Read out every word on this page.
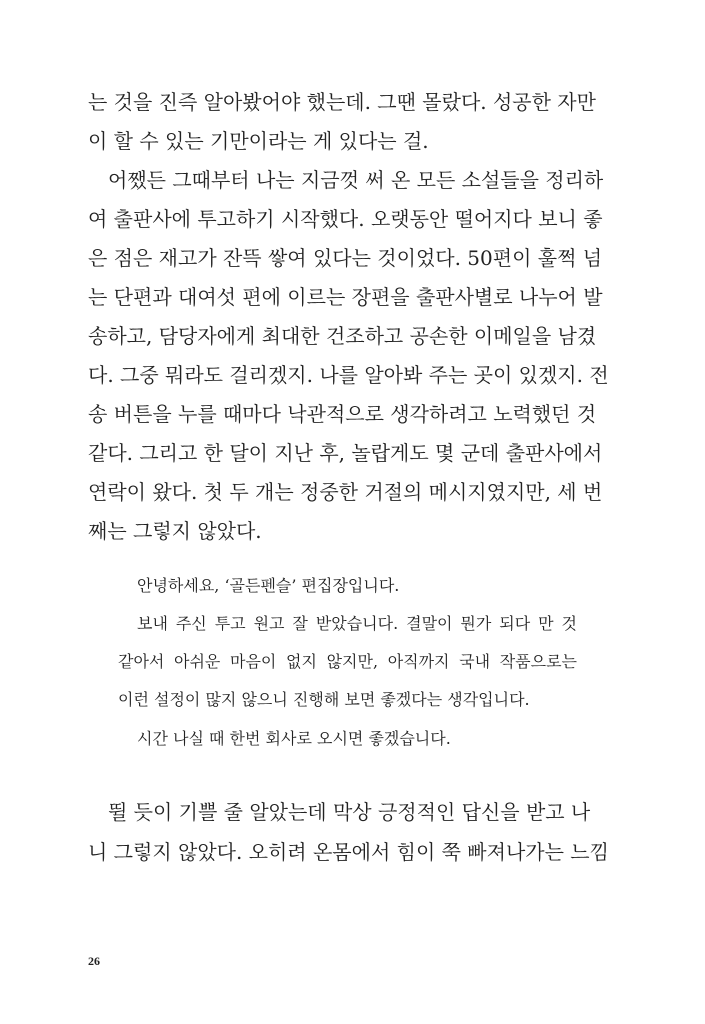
는 것을 진즉 알아봤어야 했는데. 그땐 몰랐다. 성공한 자만
이 할 수 있는 기만이라는 게 있다는 걸.
어쨌든 그때부터 나는 지금껏 써 온 모든 소설들을 정리하
여 출판사에 투고하기 시작했다. 오랫동안 떨어지다 보니 좋
은 점은 재고가 잔뜩 쌓여 있다는 것이었다. 50편이 훌쩍 넘
는 단편과 대여섯 편에 이르는 장편을 출판사별로 나누어 발
송하고, 담당자에게 최대한 건조하고 공손한 이메일을 남겼
다. 그중 뭐라도 걸리겠지. 나를 알아봐 주는 곳이 있겠지. 전
송 버튼을 누를 때마다 낙관적으로 생각하려고 노력했던 것
같다. 그리고 한 달이 지난 후, 놀랍게도 몇 군데 출판사에서
연락이 왔다. 첫 두 개는 정중한 거절의 메시지였지만, 세 번
째는 그렇지 않았다.
안녕하세요, ‘골든펜슬’ 편집장입니다.
보내 주신 투고 원고 잘 받았습니다. 결말이 뭔가 되다 만 것
같아서 아쉬운 마음이 없지 않지만, 아직까지 국내 작품으로는
이런 설정이 많지 않으니 진행해 보면 좋겠다는 생각입니다.
시간 나실 때 한번 회사로 오시면 좋겠습니다.
뛸 듯이 기쁠 줄 알았는데 막상 긍정적인 답신을 받고 나
니 그렇지 않았다. 오히려 온몸에서 힘이 쭉 빠져나가는 느낌
26
